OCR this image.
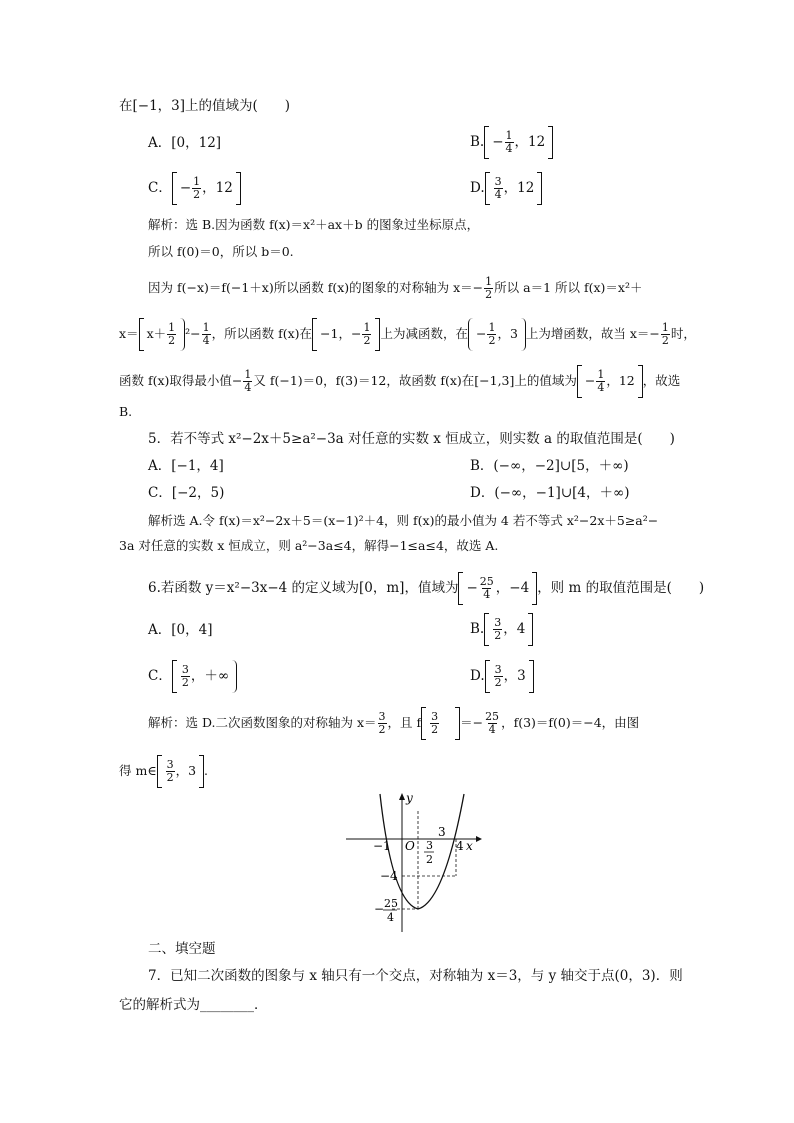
在[−1，3]上的值域为(　　)
A．[0，12]	B. − $\frac{1}{4}$ ，12
C． − $\frac{1}{2}$ ，12	D. $\frac{3}{4}$ ，12
解析：选 B.因为函数 f(x)＝x²＋ax＋b 的图象过坐标原点，
所以 f(0)＝0，所以 b＝0.
因为 f(−x)＝f(−1＋x)所以函数 f(x)的图象的对称轴为 $x=- \frac{1}{2}$ 所以 a＝1 所以 f(x)＝x²＋
$x= x+ \frac{1}{2} ^2- \frac{1}{4}$ ，所以函数 f(x)在 −1，− $\frac{1}{2}$ 上为减函数，在 − $\frac{1}{2}$ ，3 上为增函数，故当 $x=- \frac{1}{2}$ 时，
函数 f(x)取得最小值− $\frac{1}{4}$ 又 f(−1)＝0，f(3)＝12，故函数 f(x)在[−1,3]上的值域为 − $\frac{1}{4}$ ，12 ，故选
B.
5．若不等式 x²−2x＋5≥a²−3a 对任意的实数 x 恒成立，则实数 a 的取值范围是(　　)
A．[−1，4]	B．(−∞，−2]∪[5，＋∞)
C．[−2，5)	D．(−∞，−1]∪[4，＋∞)
解析选 A.令 f(x)＝x²−2x＋5＝(x−1)²＋4，则 f(x)的最小值为 4 若不等式 x²−2x＋5≥a²−
3a 对任意的实数 x 恒成立，则 a²−3a≤4，解得−1≤a≤4，故选 A.
6.若函数 y＝x²−3x−4 的定义域为[0，m]，值域为 − $\frac{25}{4}$ ，−4 ，则 m 的取值范围是(　　)
A．[0，4]	B. $\frac{3}{2}$ ，4
C． $\frac{3}{2}$ ，＋∞	D. $\frac{3}{2}$ ，3
解析：选 D.二次函数图象的对称轴为 $x= \frac{3}{2}$ ，且 f $\frac{3}{2} =- \frac{25}{4}$ ，f(3)＝f(0)＝−4，由图
得 m∈ $\frac{3}{2}$ ，3 .
y
x
O
−1	4
3
3
2
−4
− 25
4
二、填空题
7．已知二次函数的图象与 x 轴只有一个交点，对称轴为 x＝3，与 y 轴交于点(0，3)．则
它的解析式为________．
